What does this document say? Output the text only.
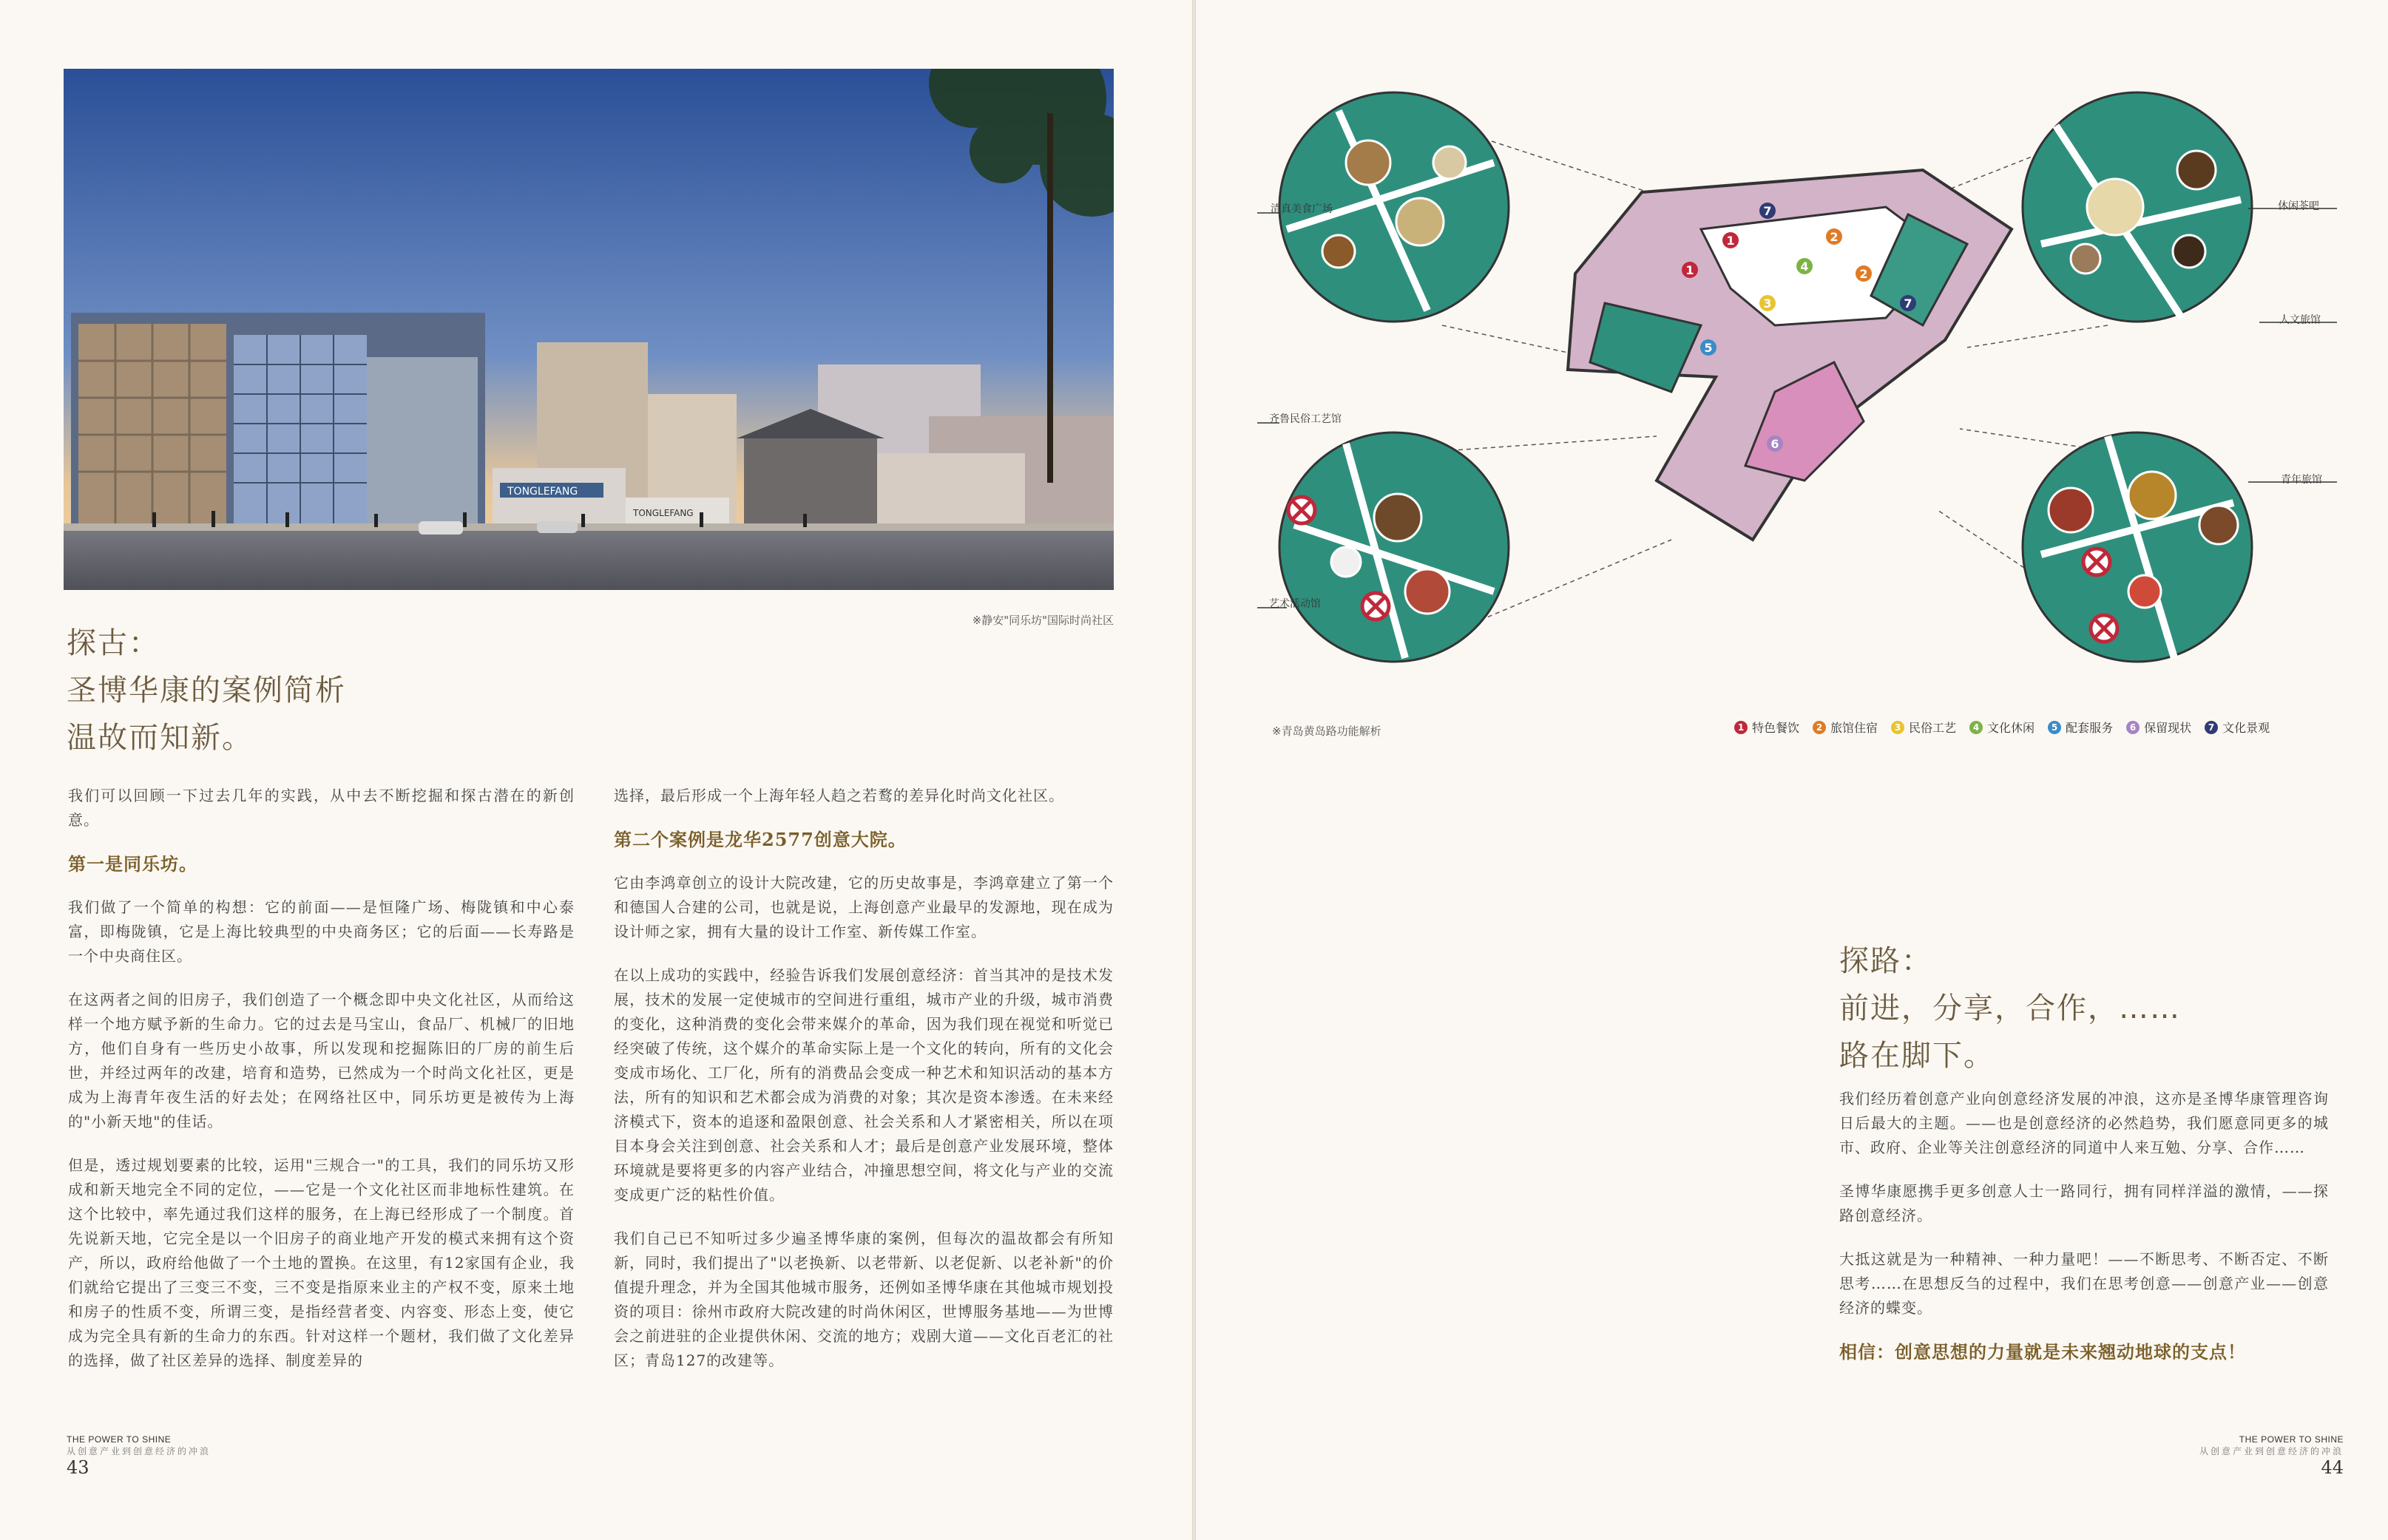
TONGLEFANG
TONGLEFANG
※静安"同乐坊"国际时尚社区
探古：
圣博华康的案例简析
温故而知新。

我们可以回顾一下过去几年的实践，从中去不断挖掘和探古潜在的新创意。

第一是同乐坊。

我们做了一个简单的构想：它的前面——是恒隆广场、梅陇镇和中心泰富，即梅陇镇，它是上海比较典型的中央商务区；它的后面——长寿路是一个中央商住区。

在这两者之间的旧房子，我们创造了一个概念即中央文化社区，从而给这样一个地方赋予新的生命力。它的过去是马宝山，食品厂、机械厂的旧地方，他们自身有一些历史小故事，所以发现和挖掘陈旧的厂房的前生后世，并经过两年的改建，培育和造势，已然成为一个时尚文化社区，更是成为上海青年夜生活的好去处；在网络社区中，同乐坊更是被传为上海的"小新天地"的佳话。

但是，透过规划要素的比较，运用"三规合一"的工具，我们的同乐坊又形成和新天地完全不同的定位，——它是一个文化社区而非地标性建筑。在这个比较中，率先通过我们这样的服务，在上海已经形成了一个制度。首先说新天地，它完全是以一个旧房子的商业地产开发的模式来拥有这个资产，所以，政府给他做了一个土地的置换。在这里，有12家国有企业，我们就给它提出了三变三不变，三不变是指原来业主的产权不变，原来土地和房子的性质不变，所谓三变，是指经营者变、内容变、形态上变，使它成为完全具有新的生命力的东西。针对这样一个题材，我们做了文化差异的选择，做了社区差异的选择、制度差异的

选择，最后形成一个上海年轻人趋之若鹜的差异化时尚文化社区。

第二个案例是龙华2577创意大院。

它由李鸿章创立的设计大院改建，它的历史故事是，李鸿章建立了第一个和德国人合建的公司，也就是说，上海创意产业最早的发源地，现在成为设计师之家，拥有大量的设计工作室、新传媒工作室。

在以上成功的实践中，经验告诉我们发展创意经济：首当其冲的是技术发展，技术的发展一定使城市的空间进行重组，城市产业的升级，城市消费的变化，这种消费的变化会带来媒介的革命，因为我们现在视觉和听觉已经突破了传统，这个媒介的革命实际上是一个文化的转向，所有的文化会变成市场化、工厂化，所有的消费品会变成一种艺术和知识活动的基本方法，所有的知识和艺术都会成为消费的对象；其次是资本渗透。在未来经济模式下，资本的追逐和盈限创意、社会关系和人才紧密相关，所以在项目本身会关注到创意、社会关系和人才；最后是创意产业发展环境，整体环境就是要将更多的内容产业结合，冲撞思想空间，将文化与产业的交流变成更广泛的粘性价值。

我们自己已不知听过多少遍圣博华康的案例，但每次的温故都会有所知新，同时，我们提出了"以老换新、以老带新、以老促新、以老补新"的价值提升理念，并为全国其他城市服务，还例如圣博华康在其他城市规划投资的项目：徐州市政府大院改建的时尚休闲区，世博服务基地——为世博会之前进驻的企业提供休闲、交流的地方；戏剧大道——文化百老汇的社区；青岛127的改建等。

THE POWER TO SHINE
从创意产业到创意经济的冲浪
43
1
1	2
2
3
4
5
6
7
7
清真美食广场
齐鲁民俗工艺馆
艺术活动馆
休闲茶吧
人文旅馆
青年旅馆
※青岛黄岛路功能解析	1 特色餐饮	2 旅馆住宿	3 民俗工艺	4 文化休闲	5 配套服务	6 保留现状	7 文化景观
探路：
前进，分享，合作，……
路在脚下。

我们经历着创意产业向创意经济发展的冲浪，这亦是圣博华康管理咨询日后最大的主题。——也是创意经济的必然趋势，我们愿意同更多的城市、政府、企业等关注创意经济的同道中人来互勉、分享、合作……

圣博华康愿携手更多创意人士一路同行，拥有同样洋溢的激情，——探路创意经济。

大抵这就是为一种精神、一种力量吧！——不断思考、不断否定、不断思考……在思想反刍的过程中，我们在思考创意——创意产业——创意经济的蝶变。

相信：创意思想的力量就是未来翘动地球的支点！

THE POWER TO SHINE
从创意产业到创意经济的冲浪
44
